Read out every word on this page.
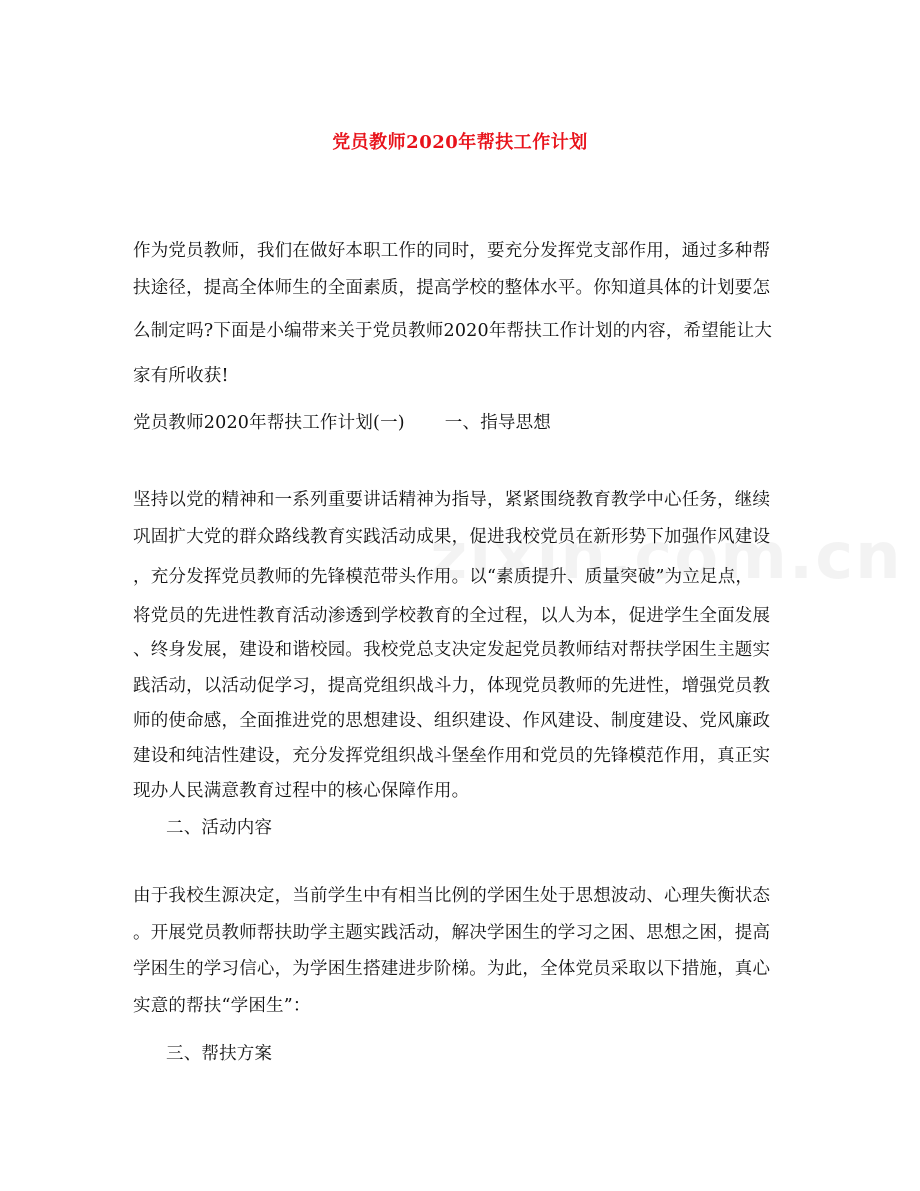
党员教师2020年帮扶工作计划
作为党员教师，我们在做好本职工作的同时，要充分发挥党支部作用，通过多种帮
扶途径，提高全体师生的全面素质，提高学校的整体水平。你知道具体的计划要怎
么制定吗?下面是小编带来关于党员教师2020年帮扶工作计划的内容，希望能让大
家有所收获!
党员教师2020年帮扶工作计划(一) 一、指导思想
坚持以党的精神和一系列重要讲话精神为指导，紧紧围绕教育教学中心任务，继续
巩固扩大党的群众路线教育实践活动成果，促进我校党员在新形势下加强作风建设
，充分发挥党员教师的先锋模范带头作用。以“素质提升、质量突破”为立足点，
将党员的先进性教育活动渗透到学校教育的全过程，以人为本，促进学生全面发展
、终身发展，建设和谐校园。我校党总支决定发起党员教师结对帮扶学困生主题实
践活动，以活动促学习，提高党组织战斗力，体现党员教师的先进性，增强党员教
师的使命感，全面推进党的思想建设、组织建设、作风建设、制度建设、党风廉政
建设和纯洁性建设，充分发挥党组织战斗堡垒作用和党员的先锋模范作用，真正实
现办人民满意教育过程中的核心保障作用。
二、活动内容
由于我校生源决定，当前学生中有相当比例的学困生处于思想波动、心理失衡状态
。开展党员教师帮扶助学主题实践活动，解决学困生的学习之困、思想之困，提高
学困生的学习信心，为学困生搭建进步阶梯。为此，全体党员采取以下措施，真心
实意的帮扶“学困生”：
三、帮扶方案
